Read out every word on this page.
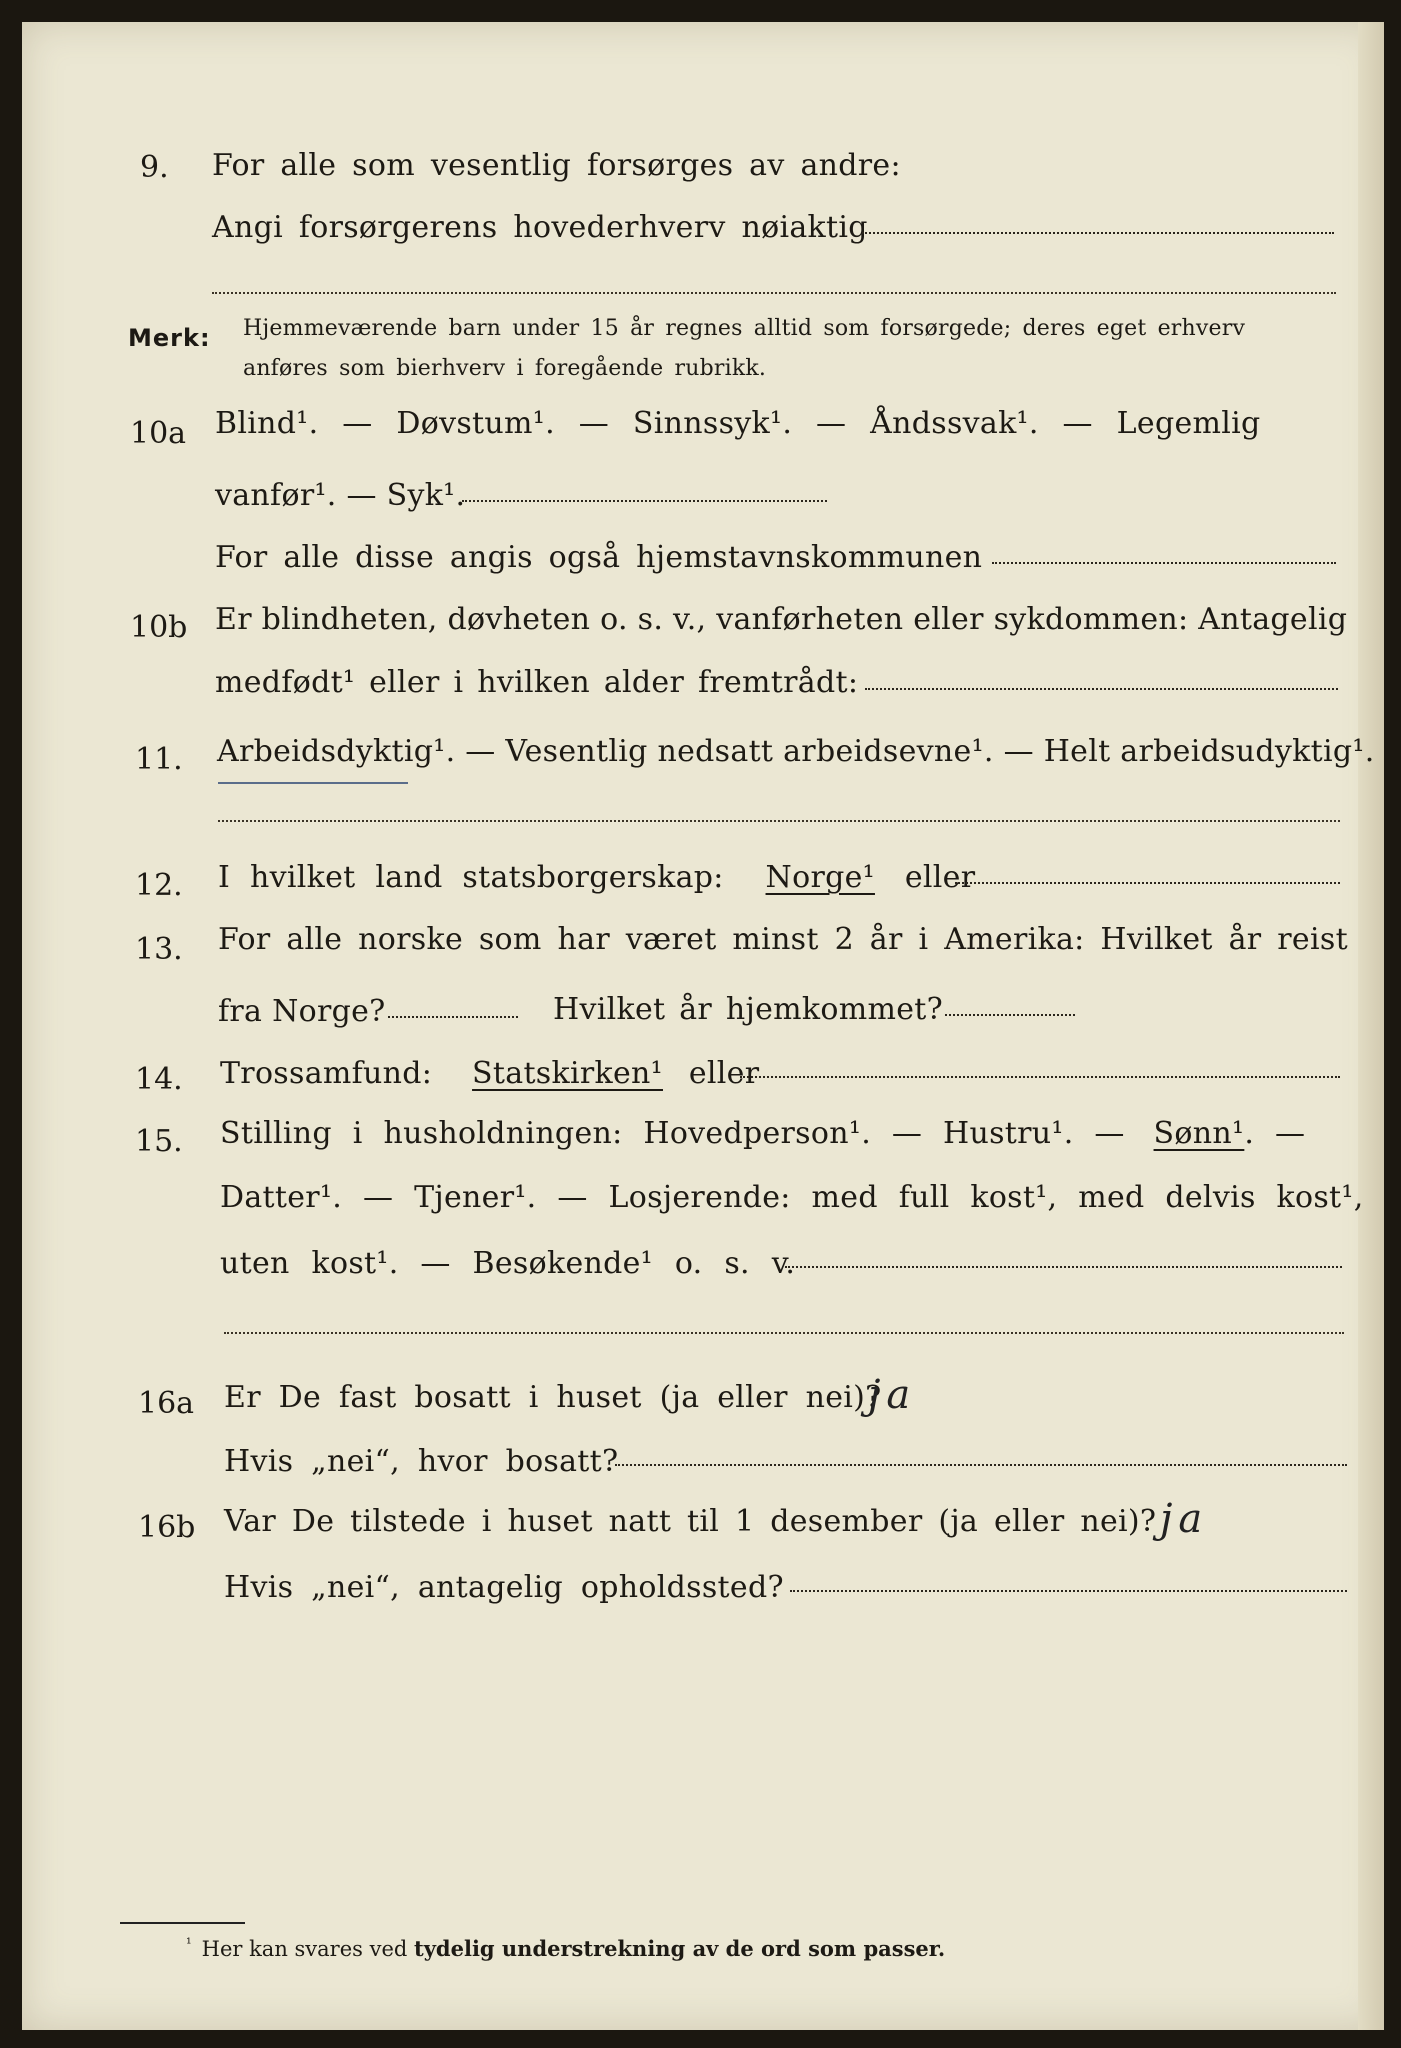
9. For alle som vesentlig forsørges av andre:
Angi forsørgerens hovederhverv nøiaktig
Merk: Hjemmeværende barn under 15 år regnes alltid som forsørgede; deres eget erhverv
anføres som bierhverv i foregående rubrikk.
10a Blind¹. — Døvstum¹. — Sinnssyk¹. — Åndssvak¹. — Legemlig
vanfør¹. — Syk¹.
For alle disse angis også hjemstavnskommunen
10b Er blindheten, døvheten o. s. v., vanførheten eller sykdommen: Antagelig
medfødt¹ eller i hvilken alder fremtrådt:
11. Arbeidsdyktig¹. — Vesentlig nedsatt arbeidsevne¹. — Helt arbeidsudyktig¹.
12. I hvilket land statsborgerskap: Norge¹ eller
13. For alle norske som har været minst 2 år i Amerika: Hvilket år reist
fra Norge?	Hvilket år hjemkommet?
14. Trossamfund: Statskirken¹ eller
15. Stilling i husholdningen: Hovedperson¹. — Hustru¹. — Sønn¹. —
Datter¹. — Tjener¹. — Losjerende: med full kost¹, med delvis kost¹,
uten kost¹. — Besøkende¹ o. s. v.
16a Er De fast bosatt i huset (ja eller nei)?
ja
Hvis „nei“, hvor bosatt?
16b Var De tilstede i huset natt til 1 desember (ja eller nei)? ja
Hvis „nei“, antagelig opholdssted?
$^{^1}$ Her kan svares ved tydelig understrekning av de ord som passer.
